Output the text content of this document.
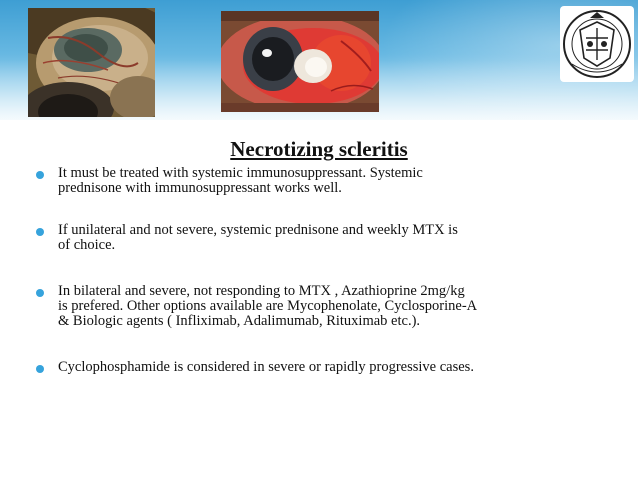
Necrotizing scleritis
It must be treated with systemic immunosuppressant. Systemic
prednisone with immunosuppressant works well.
If unilateral and not severe, systemic prednisone and weekly MTX is
of choice.
In bilateral and severe, not responding to MTX , Azathioprine 2mg/kg
is prefered. Other options available are Mycophenolate, Cyclosporine-A
& Biologic agents ( Infliximab, Adalimumab, Rituximab etc.).
Cyclophosphamide is considered in severe or rapidly progressive cases.
